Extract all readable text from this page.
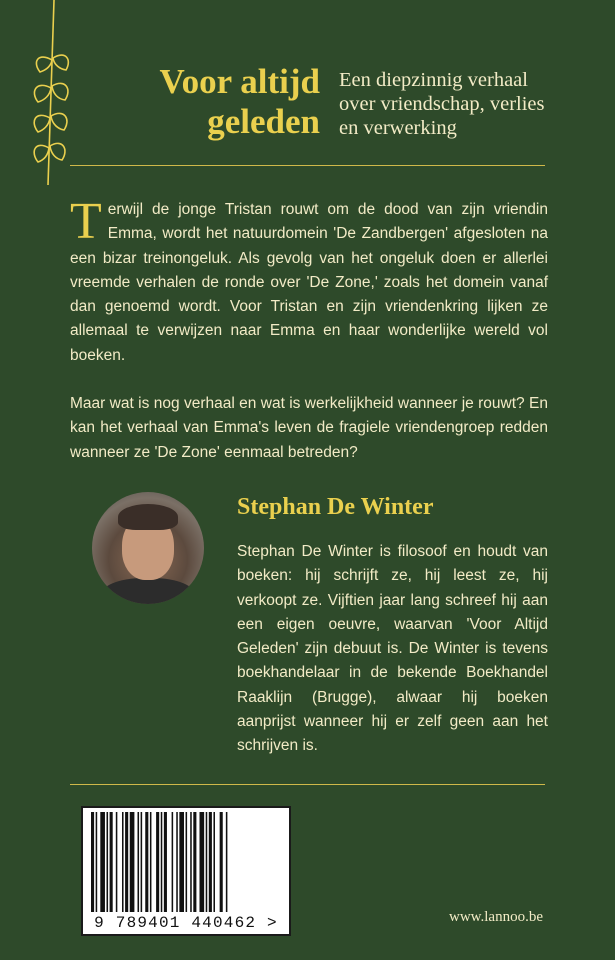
Voor altijd
geleden
Een diepzinnig verhaal
over vriendschap, verlies
en verwerking

Terwijl de jonge Tristan rouwt om de dood van zijn vriendin Emma, wordt het natuurdomein 'De Zandbergen' afgesloten na een bizar treinongeluk. Als gevolg van het ongeluk doen er allerlei vreemde verhalen de ronde over 'De Zone,' zoals het domein vanaf dan genoemd wordt. Voor Tristan en zijn vriendenkring lijken ze allemaal te verwijzen naar Emma en haar wonderlijke wereld vol boeken.

Maar wat is nog verhaal en wat is werkelijkheid wanneer je rouwt? En kan het verhaal van Emma's leven de fragiele vriendengroep redden wanneer ze 'De Zone' eenmaal betreden?

Stephan De Winter
Stephan De Winter is filosoof en houdt van boeken: hij schrijft ze, hij leest ze, hij verkoopt ze. Vijftien jaar lang schreef hij aan een eigen oeuvre, waarvan 'Voor Altijd Geleden' zijn debuut is. De Winter is tevens boekhandelaar in de bekende Boekhandel Raaklijn (Brugge), alwaar hij boeken aanprijst wanneer hij er zelf geen aan het schrijven is.
9 789401 440462 >	www.lannoo.be
